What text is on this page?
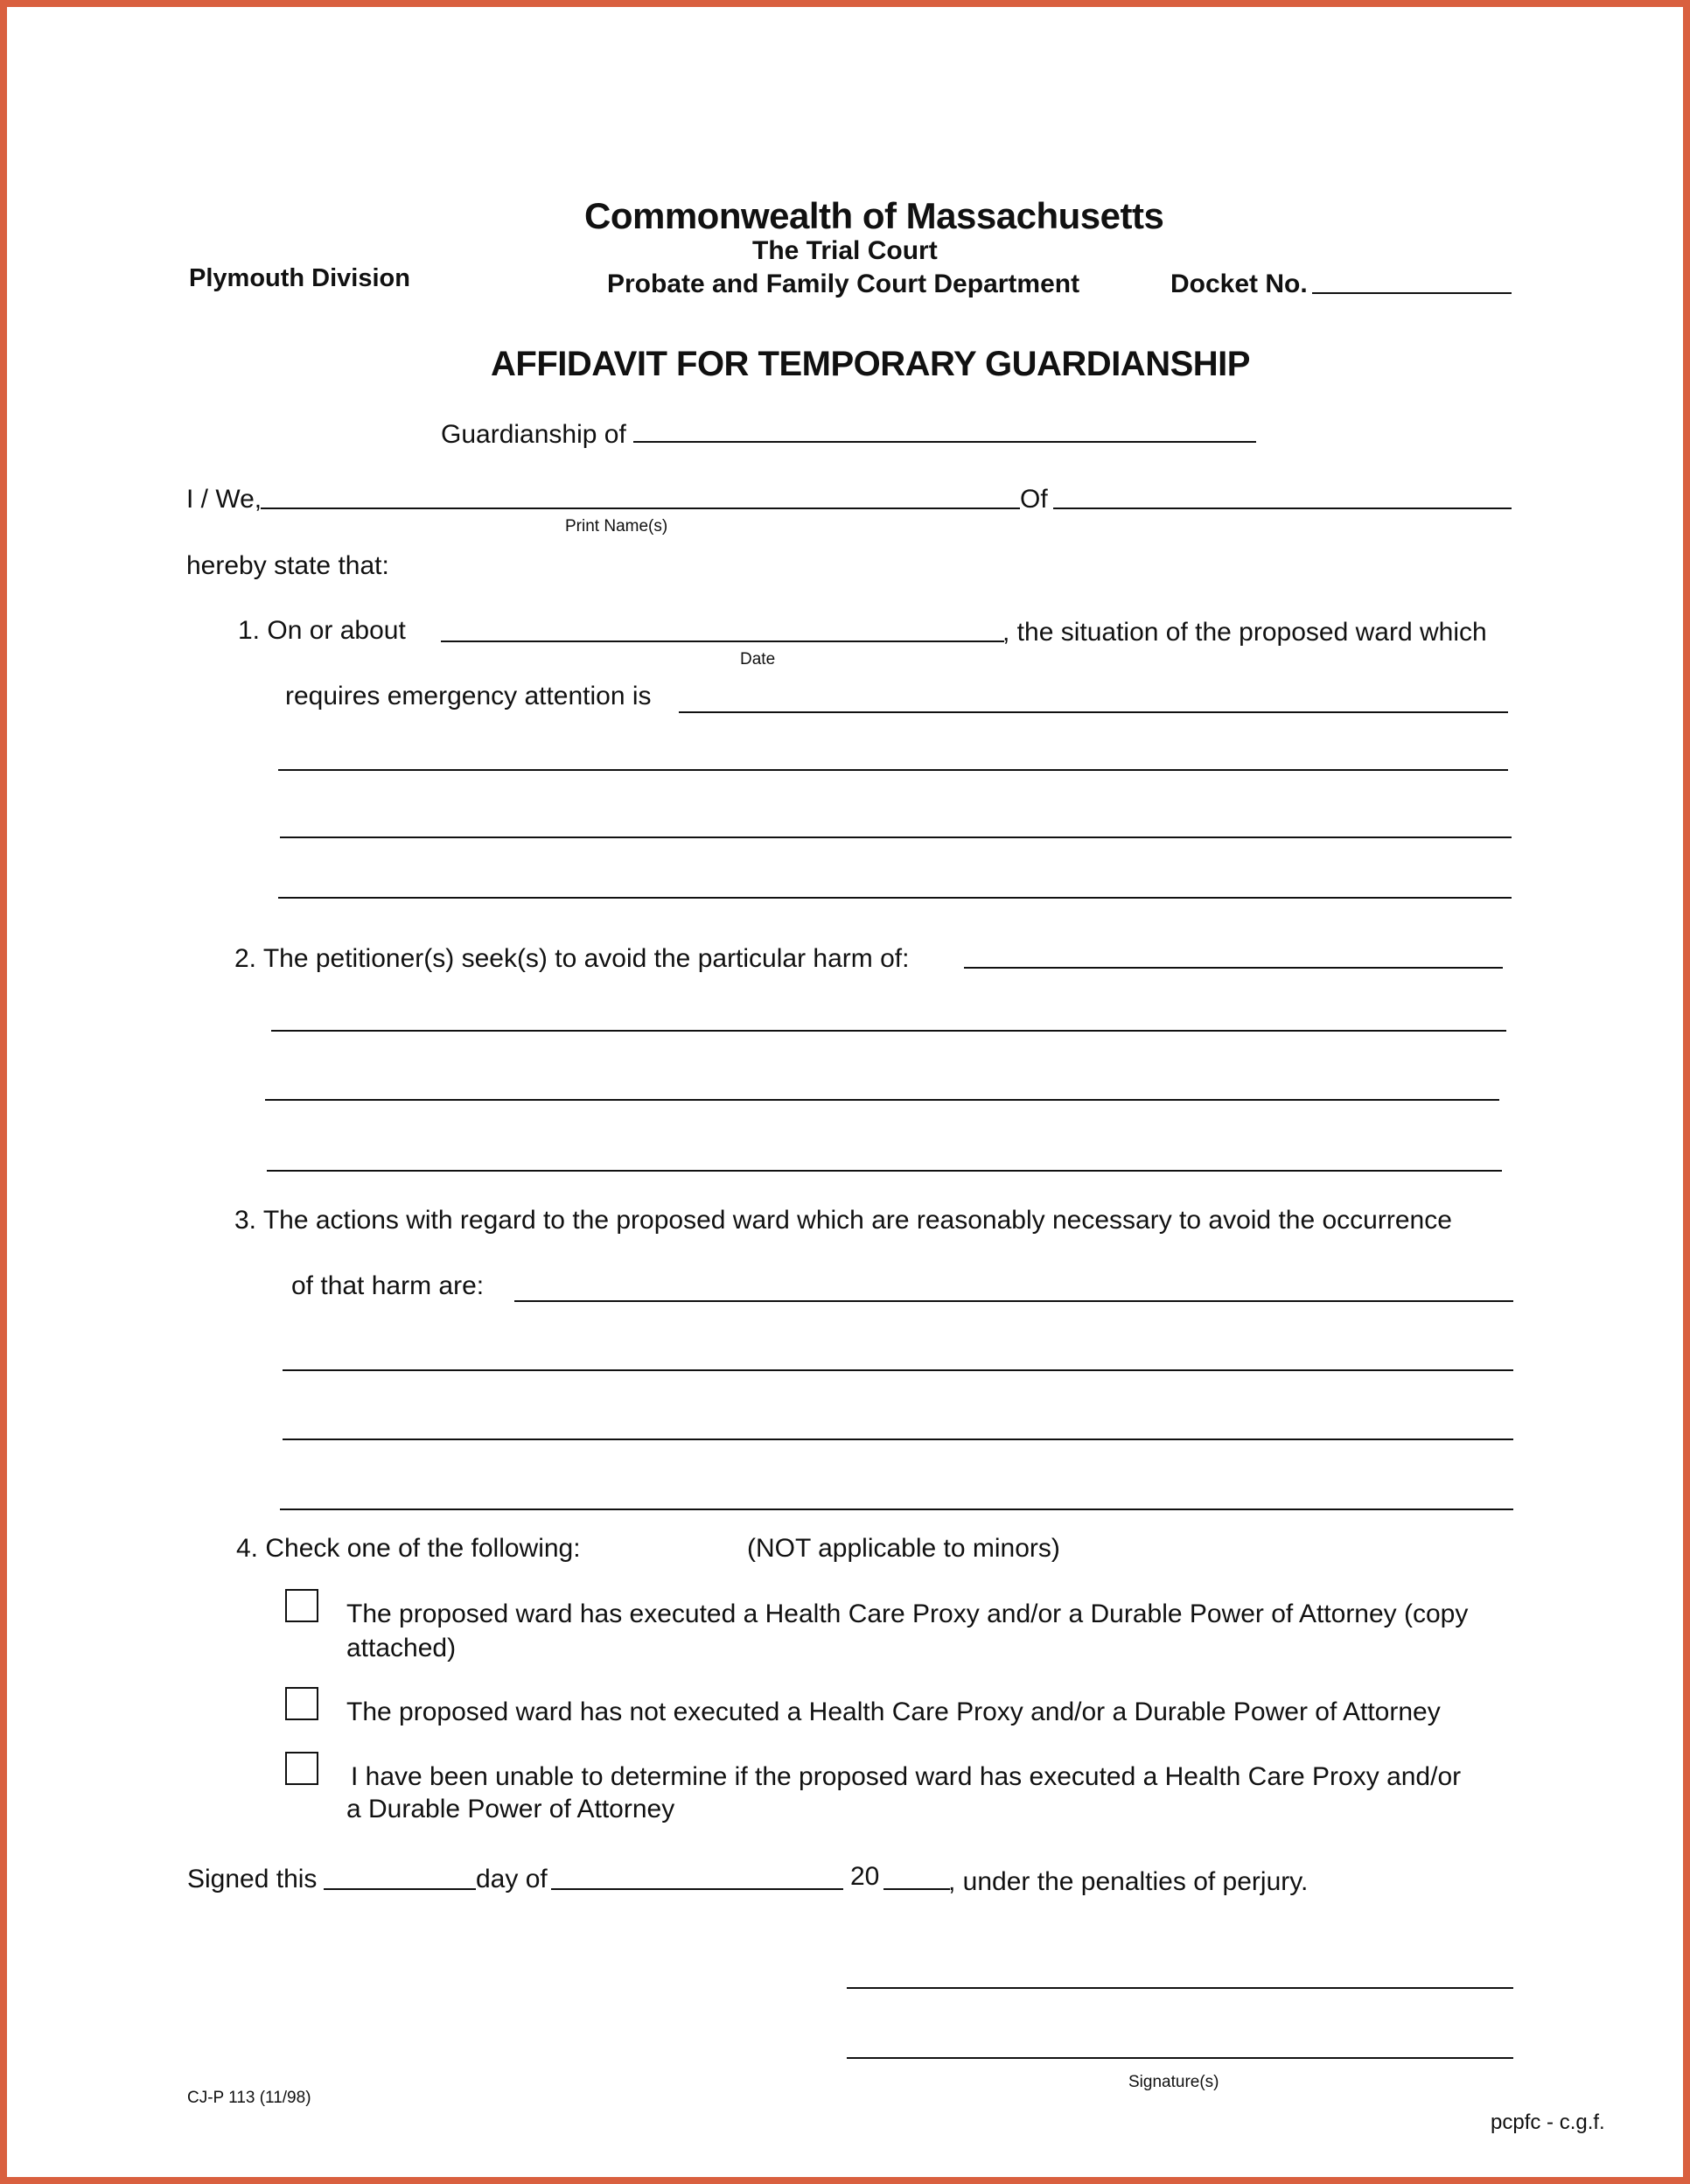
Commonwealth of Massachusetts
The Trial Court
Plymouth Division	Probate and Family Court Department	Docket No.
AFFIDAVIT FOR TEMPORARY GUARDIANSHIP
Guardianship of
I / We,
Print Name(s)
Of
hereby state that:
1. On or about	, the situation of the proposed ward which
Date
requires emergency attention is
2. The petitioner(s) seek(s) to avoid the particular harm of:
3. The actions with regard to the proposed ward which are reasonably necessary to avoid the occurrence
of that harm are:
4. Check one of the following:	(NOT applicable to minors)
The proposed ward has executed a Health Care Proxy and/or a Durable Power of Attorney (copy
attached)
The proposed ward has not executed a Health Care Proxy and/or a Durable Power of Attorney
I have been unable to determine if the proposed ward has executed a Health Care Proxy and/or
a Durable Power of Attorney
Signed this	day of	20	, under the penalties of perjury.
Signature(s)
CJ-P 113 (11/98)
pcpfc - c.g.f.
